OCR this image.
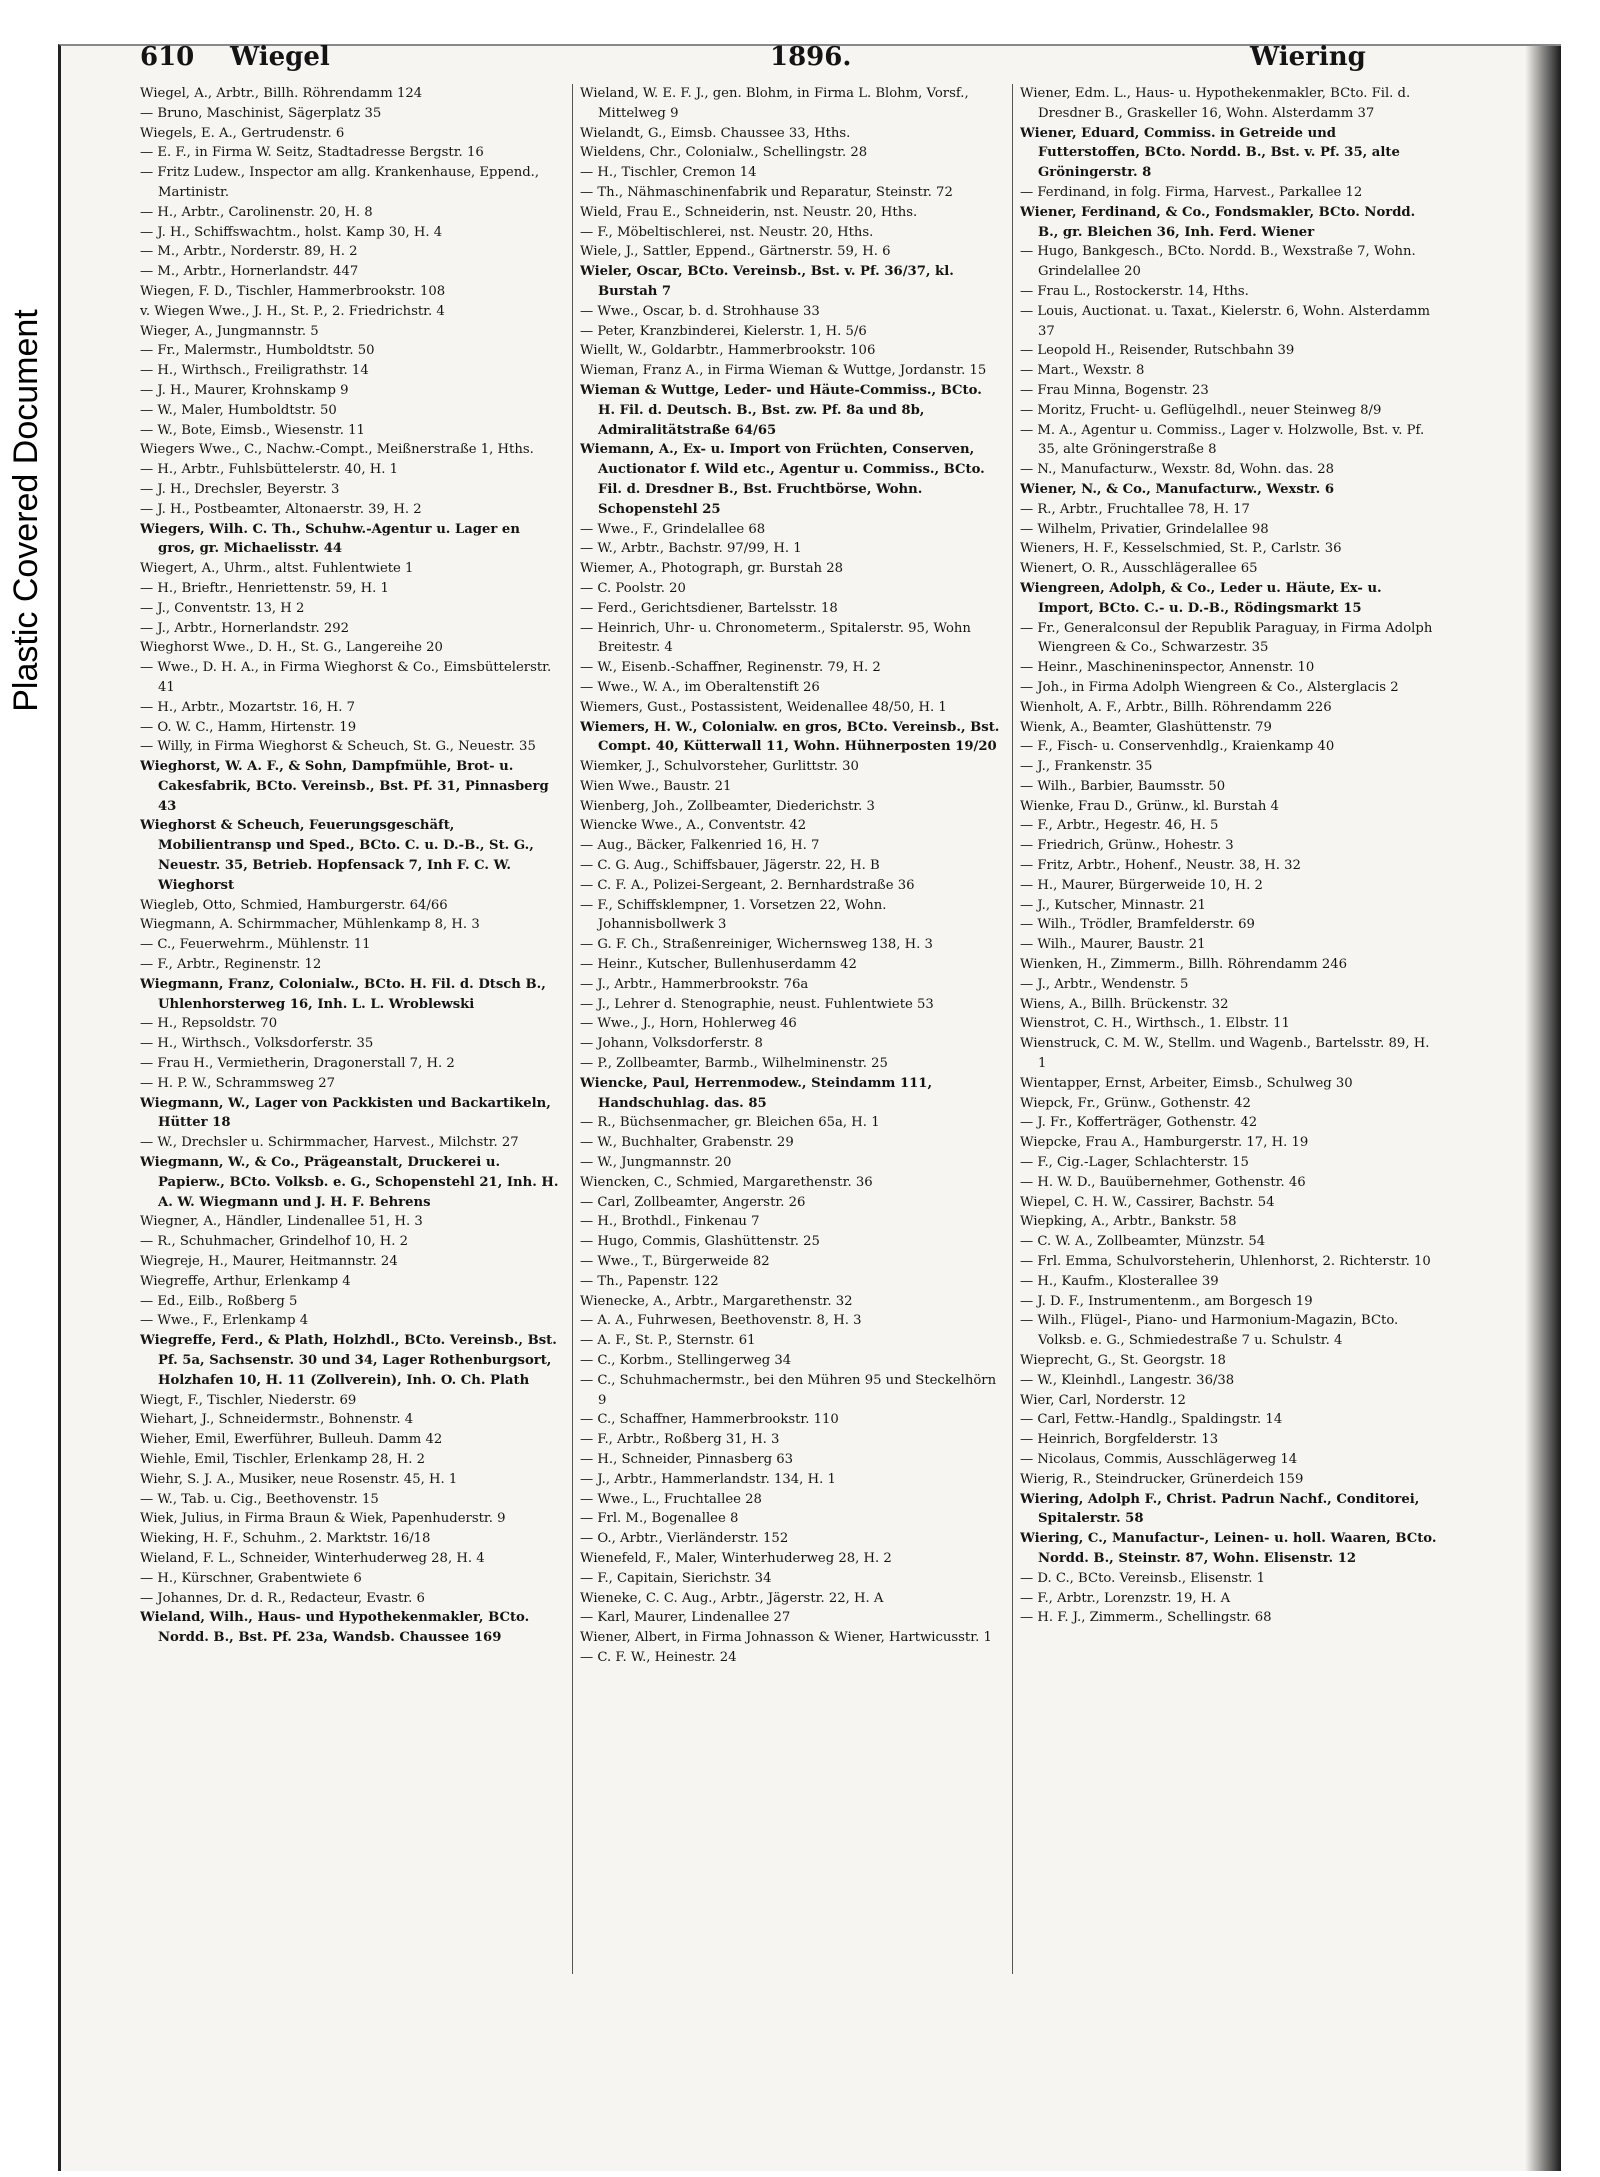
Plastic Covered Document
610 Wiegel	1896.	Wiering

Wiegel, A., Arbtr., Billh. Röhrendamm 124

— Bruno, Maschinist, Sägerplatz 35

Wiegels, E. A., Gertrudenstr. 6

— E. F., in Firma W. Seitz, Stadtadresse Bergstr. 16

— Fritz Ludew., Inspector am allg. Krankenhause, Eppend., Martinistr.

— H., Arbtr., Carolinenstr. 20, H. 8

— J. H., Schiffswachtm., holst. Kamp 30, H. 4

— M., Arbtr., Norderstr. 89, H. 2

— M., Arbtr., Hornerlandstr. 447

Wiegen, F. D., Tischler, Hammerbrookstr. 108

v. Wiegen Wwe., J. H., St. P., 2. Friedrichstr. 4

Wieger, A., Jungmannstr. 5

— Fr., Malermstr., Humboldtstr. 50

— H., Wirthsch., Freiligrathstr. 14

— J. H., Maurer, Krohnskamp 9

— W., Maler, Humboldtstr. 50

— W., Bote, Eimsb., Wiesenstr. 11

Wiegers Wwe., C., Nachw.-Compt., Meißnerstraße 1, Hths.

— H., Arbtr., Fuhlsbüttelerstr. 40, H. 1

— J. H., Drechsler, Beyerstr. 3

— J. H., Postbeamter, Altonaerstr. 39, H. 2

Wiegers, Wilh. C. Th., Schuhw.-Agentur u. Lager en gros, gr. Michaelisstr. 44

Wiegert, A., Uhrm., altst. Fuhlentwiete 1

— H., Brieftr., Henriettenstr. 59, H. 1

— J., Conventstr. 13, H 2

— J., Arbtr., Hornerlandstr. 292

Wieghorst Wwe., D. H., St. G., Langereihe 20

— Wwe., D. H. A., in Firma Wieghorst & Co., Eimsbüttelerstr. 41

— H., Arbtr., Mozartstr. 16, H. 7

— O. W. C., Hamm, Hirtenstr. 19

— Willy, in Firma Wieghorst & Scheuch, St. G., Neuestr. 35

Wieghorst, W. A. F., & Sohn, Dampfmühle, Brot- u. Cakesfabrik, BCto. Vereinsb., Bst. Pf. 31, Pinnasberg 43

Wieghorst & Scheuch, Feuerungsgeschäft, Mobilientransp und Sped., BCto. C. u. D.-B., St. G., Neuestr. 35, Betrieb. Hopfensack 7, Inh F. C. W. Wieghorst

Wiegleb, Otto, Schmied, Hamburgerstr. 64/66

Wiegmann, A. Schirmmacher, Mühlenkamp 8, H. 3

— C., Feuerwehrm., Mühlenstr. 11

— F., Arbtr., Reginenstr. 12

Wiegmann, Franz, Colonialw., BCto. H. Fil. d. Dtsch B., Uhlenhorsterweg 16, Inh. L. L. Wroblewski

— H., Repsoldstr. 70

— H., Wirthsch., Volksdorferstr. 35

— Frau H., Vermietherin, Dragonerstall 7, H. 2

— H. P. W., Schrammsweg 27

Wiegmann, W., Lager von Packkisten und Backartikeln, Hütter 18

— W., Drechsler u. Schirmmacher, Harvest., Milchstr. 27

Wiegmann, W., & Co., Prägeanstalt, Druckerei u. Papierw., BCto. Volksb. e. G., Schopenstehl 21, Inh. H. A. W. Wiegmann und J. H. F. Behrens

Wiegner, A., Händler, Lindenallee 51, H. 3

— R., Schuhmacher, Grindelhof 10, H. 2

Wiegreje, H., Maurer, Heitmannstr. 24

Wiegreffe, Arthur, Erlenkamp 4

— Ed., Eilb., Roßberg 5

— Wwe., F., Erlenkamp 4

Wiegreffe, Ferd., & Plath, Holzhdl., BCto. Vereinsb., Bst. Pf. 5a, Sachsenstr. 30 und 34, Lager Rothenburgsort, Holzhafen 10, H. 11 (Zollverein), Inh. O. Ch. Plath

Wiegt, F., Tischler, Niederstr. 69

Wiehart, J., Schneidermstr., Bohnenstr. 4

Wieher, Emil, Ewerführer, Bulleuh. Damm 42

Wiehle, Emil, Tischler, Erlenkamp 28, H. 2

Wiehr, S. J. A., Musiker, neue Rosenstr. 45, H. 1

— W., Tab. u. Cig., Beethovenstr. 15

Wiek, Julius, in Firma Braun & Wiek, Papenhuderstr. 9

Wieking, H. F., Schuhm., 2. Marktstr. 16/18

Wieland, F. L., Schneider, Winterhuderweg 28, H. 4

— H., Kürschner, Grabentwiete 6

— Johannes, Dr. d. R., Redacteur, Evastr. 6

Wieland, Wilh., Haus- und Hypothekenmakler, BCto. Nordd. B., Bst. Pf. 23a, Wandsb. Chaussee 169

Wieland, W. E. F. J., gen. Blohm, in Firma L. Blohm, Vorsf., Mittelweg 9

Wielandt, G., Eimsb. Chaussee 33, Hths.

Wieldens, Chr., Colonialw., Schellingstr. 28

— H., Tischler, Cremon 14

— Th., Nähmaschinenfabrik und Reparatur, Steinstr. 72

Wield, Frau E., Schneiderin, nst. Neustr. 20, Hths.

— F., Möbeltischlerei, nst. Neustr. 20, Hths.

Wiele, J., Sattler, Eppend., Gärtnerstr. 59, H. 6

Wieler, Oscar, BCto. Vereinsb., Bst. v. Pf. 36/37, kl. Burstah 7

— Wwe., Oscar, b. d. Strohhause 33

— Peter, Kranzbinderei, Kielerstr. 1, H. 5/6

Wiellt, W., Goldarbtr., Hammerbrookstr. 106

Wieman, Franz A., in Firma Wieman & Wuttge, Jordanstr. 15

Wieman & Wuttge, Leder- und Häute-Commiss., BCto. H. Fil. d. Deutsch. B., Bst. zw. Pf. 8a und 8b, Admiralitätstraße 64/65

Wiemann, A., Ex- u. Import von Früchten, Conserven, Auctionator f. Wild etc., Agentur u. Commiss., BCto. Fil. d. Dresdner B., Bst. Fruchtbörse, Wohn. Schopenstehl 25

— Wwe., F., Grindelallee 68

— W., Arbtr., Bachstr. 97/99, H. 1

Wiemer, A., Photograph, gr. Burstah 28

— C. Poolstr. 20

— Ferd., Gerichtsdiener, Bartelsstr. 18

— Heinrich, Uhr- u. Chronometerm., Spitalerstr. 95, Wohn Breitestr. 4

— W., Eisenb.-Schaffner, Reginenstr. 79, H. 2

— Wwe., W. A., im Oberaltenstift 26

Wiemers, Gust., Postassistent, Weidenallee 48/50, H. 1

Wiemers, H. W., Colonialw. en gros, BCto. Vereinsb., Bst. Compt. 40, Kütterwall 11, Wohn. Hühnerposten 19/20

Wiemker, J., Schulvorsteher, Gurlittstr. 30

Wien Wwe., Baustr. 21

Wienberg, Joh., Zollbeamter, Diederichstr. 3

Wiencke Wwe., A., Conventstr. 42

— Aug., Bäcker, Falkenried 16, H. 7

— C. G. Aug., Schiffsbauer, Jägerstr. 22, H. B

— C. F. A., Polizei-Sergeant, 2. Bernhardstraße 36

— F., Schiffsklempner, 1. Vorsetzen 22, Wohn. Johannisbollwerk 3

— G. F. Ch., Straßenreiniger, Wichernsweg 138, H. 3

— Heinr., Kutscher, Bullenhuserdamm 42

— J., Arbtr., Hammerbrookstr. 76a

— J., Lehrer d. Stenographie, neust. Fuhlentwiete 53

— Wwe., J., Horn, Hohlerweg 46

— Johann, Volksdorferstr. 8

— P., Zollbeamter, Barmb., Wilhelminenstr. 25

Wiencke, Paul, Herrenmodew., Steindamm 111, Handschuhlag. das. 85

— R., Büchsenmacher, gr. Bleichen 65a, H. 1

— W., Buchhalter, Grabenstr. 29

— W., Jungmannstr. 20

Wiencken, C., Schmied, Margarethenstr. 36

— Carl, Zollbeamter, Angerstr. 26

— H., Brothdl., Finkenau 7

— Hugo, Commis, Glashüttenstr. 25

— Wwe., T., Bürgerweide 82

— Th., Papenstr. 122

Wienecke, A., Arbtr., Margarethenstr. 32

— A. A., Fuhrwesen, Beethovenstr. 8, H. 3

— A. F., St. P., Sternstr. 61

— C., Korbm., Stellingerweg 34

— C., Schuhmachermstr., bei den Mühren 95 und Steckelhörn 9

— C., Schaffner, Hammerbrookstr. 110

— F., Arbtr., Roßberg 31, H. 3

— H., Schneider, Pinnasberg 63

— J., Arbtr., Hammerlandstr. 134, H. 1

— Wwe., L., Fruchtallee 28

— Frl. M., Bogenallee 8

— O., Arbtr., Vierländerstr. 152

Wienefeld, F., Maler, Winterhuderweg 28, H. 2

— F., Capitain, Sierichstr. 34

Wieneke, C. C. Aug., Arbtr., Jägerstr. 22, H. A

— Karl, Maurer, Lindenallee 27

Wiener, Albert, in Firma Johnasson & Wiener, Hartwicusstr. 1

— C. F. W., Heinestr. 24

Wiener, Edm. L., Haus- u. Hypothekenmakler, BCto. Fil. d. Dresdner B., Graskeller 16, Wohn. Alsterdamm 37

Wiener, Eduard, Commiss. in Getreide und Futterstoffen, BCto. Nordd. B., Bst. v. Pf. 35, alte Gröningerstr. 8

— Ferdinand, in folg. Firma, Harvest., Parkallee 12

Wiener, Ferdinand, & Co., Fondsmakler, BCto. Nordd. B., gr. Bleichen 36, Inh. Ferd. Wiener

— Hugo, Bankgesch., BCto. Nordd. B., Wexstraße 7, Wohn. Grindelallee 20

— Frau L., Rostockerstr. 14, Hths.

— Louis, Auctionat. u. Taxat., Kielerstr. 6, Wohn. Alsterdamm 37

— Leopold H., Reisender, Rutschbahn 39

— Mart., Wexstr. 8

— Frau Minna, Bogenstr. 23

— Moritz, Frucht- u. Geflügelhdl., neuer Steinweg 8/9

— M. A., Agentur u. Commiss., Lager v. Holzwolle, Bst. v. Pf. 35, alte Gröningerstraße 8

— N., Manufacturw., Wexstr. 8d, Wohn. das. 28

Wiener, N., & Co., Manufacturw., Wexstr. 6

— R., Arbtr., Fruchtallee 78, H. 17

— Wilhelm, Privatier, Grindelallee 98

Wieners, H. F., Kesselschmied, St. P., Carlstr. 36

Wienert, O. R., Ausschlägerallee 65

Wiengreen, Adolph, & Co., Leder u. Häute, Ex- u. Import, BCto. C.- u. D.-B., Rödingsmarkt 15

— Fr., Generalconsul der Republik Paraguay, in Firma Adolph Wiengreen & Co., Schwarzestr. 35

— Heinr., Maschineninspector, Annenstr. 10

— Joh., in Firma Adolph Wiengreen & Co., Alsterglacis 2

Wienholt, A. F., Arbtr., Billh. Röhrendamm 226

Wienk, A., Beamter, Glashüttenstr. 79

— F., Fisch- u. Conservenhdlg., Kraienkamp 40

— J., Frankenstr. 35

— Wilh., Barbier, Baumsstr. 50

Wienke, Frau D., Grünw., kl. Burstah 4

— F., Arbtr., Hegestr. 46, H. 5

— Friedrich, Grünw., Hohestr. 3

— Fritz, Arbtr., Hohenf., Neustr. 38, H. 32

— H., Maurer, Bürgerweide 10, H. 2

— J., Kutscher, Minnastr. 21

— Wilh., Trödler, Bramfelderstr. 69

— Wilh., Maurer, Baustr. 21

Wienken, H., Zimmerm., Billh. Röhrendamm 246

— J., Arbtr., Wendenstr. 5

Wiens, A., Billh. Brückenstr. 32

Wienstrot, C. H., Wirthsch., 1. Elbstr. 11

Wienstruck, C. M. W., Stellm. und Wagenb., Bartelsstr. 89, H. 1

Wientapper, Ernst, Arbeiter, Eimsb., Schulweg 30

Wiepck, Fr., Grünw., Gothenstr. 42

— J. Fr., Kofferträger, Gothenstr. 42

Wiepcke, Frau A., Hamburgerstr. 17, H. 19

— F., Cig.-Lager, Schlachterstr. 15

— H. W. D., Bauübernehmer, Gothenstr. 46

Wiepel, C. H. W., Cassirer, Bachstr. 54

Wiepking, A., Arbtr., Bankstr. 58

— C. W. A., Zollbeamter, Münzstr. 54

— Frl. Emma, Schulvorsteherin, Uhlenhorst, 2. Richterstr. 10

— H., Kaufm., Klosterallee 39

— J. D. F., Instrumentenm., am Borgesch 19

— Wilh., Flügel-, Piano- und Harmonium-Magazin, BCto. Volksb. e. G., Schmiedestraße 7 u. Schulstr. 4

Wieprecht, G., St. Georgstr. 18

— W., Kleinhdl., Langestr. 36/38

Wier, Carl, Norderstr. 12

— Carl, Fettw.-Handlg., Spaldingstr. 14

— Heinrich, Borgfelderstr. 13

— Nicolaus, Commis, Ausschlägerweg 14

Wierig, R., Steindrucker, Grünerdeich 159

Wiering, Adolph F., Christ. Padrun Nachf., Conditorei, Spitalerstr. 58

Wiering, C., Manufactur-, Leinen- u. holl. Waaren, BCto. Nordd. B., Steinstr. 87, Wohn. Elisenstr. 12

— D. C., BCto. Vereinsb., Elisenstr. 1

— F., Arbtr., Lorenzstr. 19, H. A

— H. F. J., Zimmerm., Schellingstr. 68
